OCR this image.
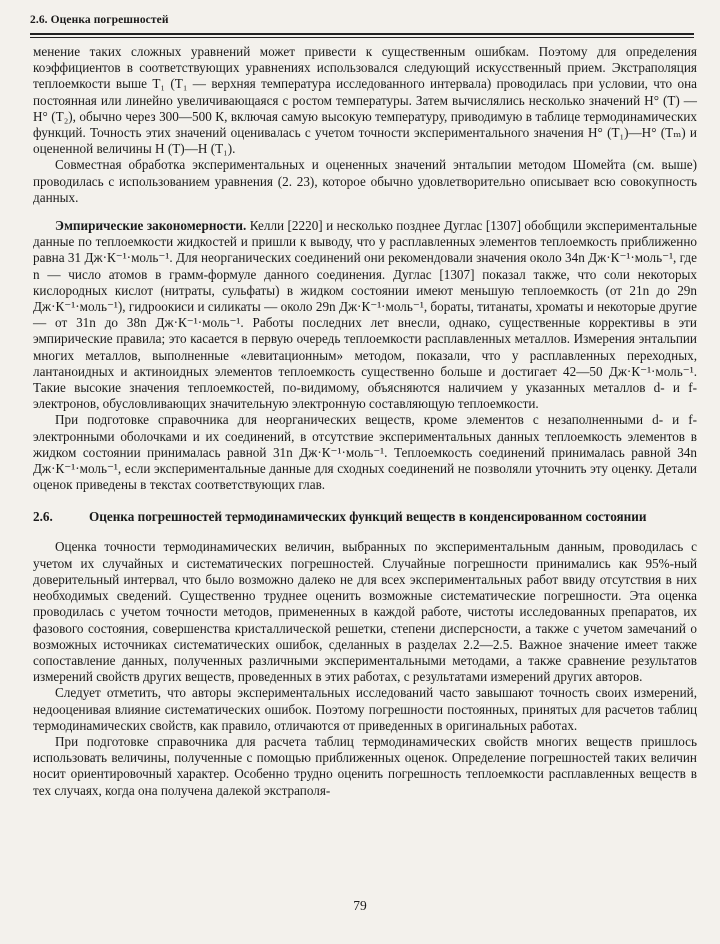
2.6. Оценка погрешностей

менение таких сложных уравнений может привести к существенным ошибкам. Поэтому для определения коэффициентов в соответствующих уравнениях использовался следующий искусственный прием. Экстраполяция теплоемкости выше T₁ (T₁ — верхняя температура исследованного интервала) проводилась при условии, что она постоянная или линейно увеличивающаяся с ростом температуры. Затем вычислялись несколько значений H° (T) — H° (T₂), обычно через 300—500 К, включая самую высокую температуру, приводимую в таблице термодинамических функций. Точность этих значений оценивалась с учетом точности экспериментального значения H° (T₁)—H° (Tₘ) и оцененной величины H (T)—H (T₁).

Совместная обработка экспериментальных и оцененных значений энтальпии методом Шомейта (см. выше) проводилась с использованием уравнения (2. 23), которое обычно удовлетворительно описывает всю совокупность данных.

Эмпирические закономерности. Келли [2220] и несколько позднее Дуглас [1307] обобщили экспериментальные данные по теплоемкости жидкостей и пришли к выводу, что у расплавленных элементов теплоемкость приближенно равна 31 Дж·К⁻¹·моль⁻¹. Для неорганических соединений они рекомендовали значения около 34n Дж·К⁻¹·моль⁻¹, где n — число атомов в грамм-формуле данного соединения. Дуглас [1307] показал также, что соли некоторых кислородных кислот (нитраты, сульфаты) в жидком состоянии имеют меньшую теплоемкость (от 21n до 29n Дж·К⁻¹·моль⁻¹), гидроокиси и силикаты — около 29n Дж·К⁻¹·моль⁻¹, бораты, титанаты, хроматы и некоторые другие — от 31n до 38n Дж·К⁻¹·моль⁻¹. Работы последних лет внесли, однако, существенные коррективы в эти эмпирические правила; это касается в первую очередь теплоемкости расплавленных металлов. Измерения энтальпии многих металлов, выполненные «левитационным» методом, показали, что у расплавленных переходных, лантаноидных и актиноидных элементов теплоемкость существенно больше и достигает 42—50 Дж·К⁻¹·моль⁻¹. Такие высокие значения теплоемкостей, по-видимому, объясняются наличием у указанных металлов d- и f-электронов, обусловливающих значительную электронную составляющую теплоемкости.

При подготовке справочника для неорганических веществ, кроме элементов с незаполненными d- и f-электронными оболочками и их соединений, в отсутствие экспериментальных данных теплоемкость элементов в жидком состоянии принималась равной 31n Дж·К⁻¹·моль⁻¹. Теплоемкость соединений принималась равной 34n Дж·К⁻¹·моль⁻¹, если экспериментальные данные для сходных соединений не позволяли уточнить эту оценку. Детали оценок приведены в текстах соответствующих глав.

2.6.	Оценка погрешностей термодинамических функций веществ в конденсированном состоянии

Оценка точности термодинамических величин, выбранных по экспериментальным данным, проводилась с учетом их случайных и систематических погрешностей. Случайные погрешности принимались как 95%-ный доверительный интервал, что было возможно далеко не для всех экспериментальных работ ввиду отсутствия в них необходимых сведений. Существенно труднее оценить возможные систематические погрешности. Эта оценка проводилась с учетом точности методов, примененных в каждой работе, чистоты исследованных препаратов, их фазового состояния, совершенства кристаллической решетки, степени дисперсности, а также с учетом замечаний о возможных источниках систематических ошибок, сделанных в разделах 2.2—2.5. Важное значение имеет также сопоставление данных, полученных различными экспериментальными методами, а также сравнение результатов измерений свойств других веществ, проведенных в этих работах, с результатами измерений других авторов.

Следует отметить, что авторы экспериментальных исследований часто завышают точность своих измерений, недооценивая влияние систематических ошибок. Поэтому погрешности постоянных, принятых для расчетов таблиц термодинамических свойств, как правило, отличаются от приведенных в оригинальных работах.

При подготовке справочника для расчета таблиц термодинамических свойств многих веществ пришлось использовать величины, полученные с помощью приближенных оценок. Определение погрешностей таких величин носит ориентировочный характер. Особенно трудно оценить погрешность теплоемкости расплавленных веществ в тех случаях, когда она получена далекой экстраполя-

79
